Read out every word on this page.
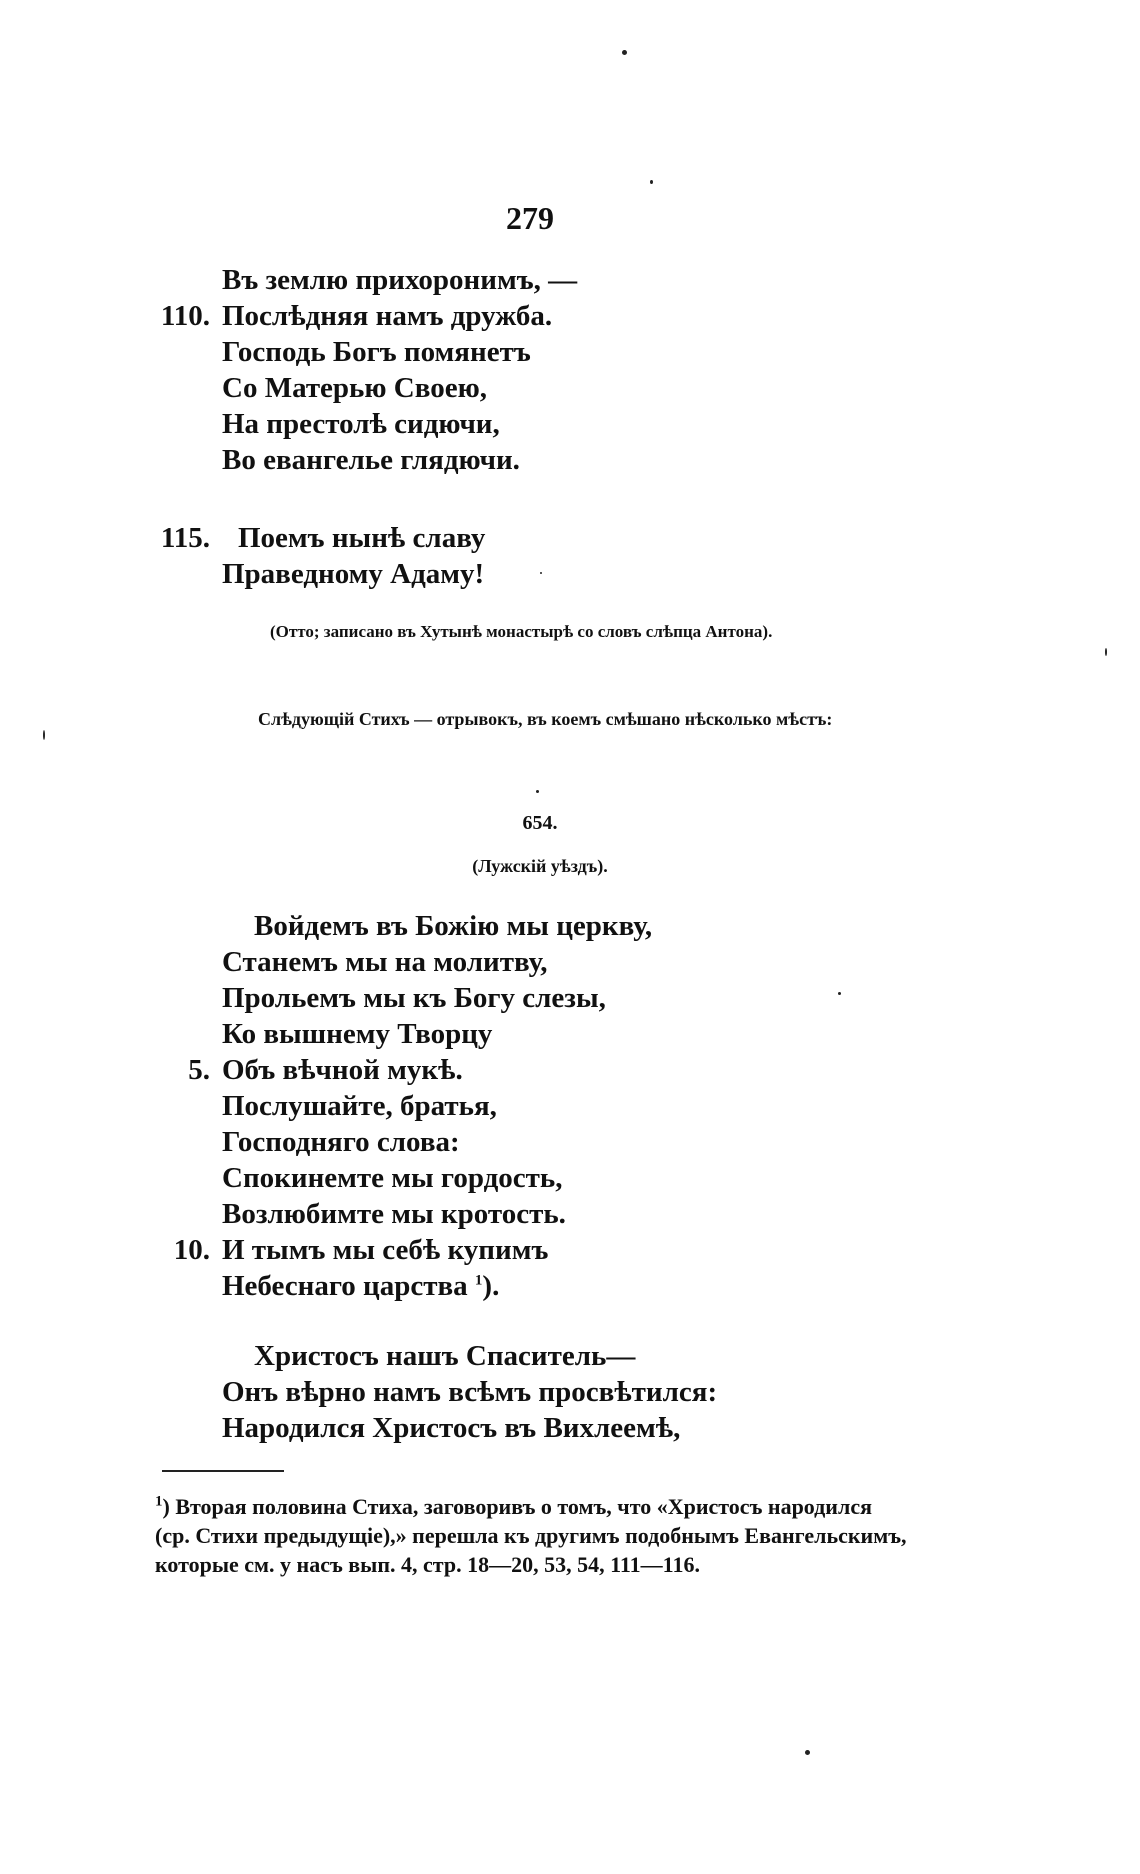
279
Въ землю прихоронимъ, —
110. Послѣдняя намъ дружба.
Господь Богъ помянетъ
Со Матерью Своею,
На престолѣ сидючи,
Во евангелье глядючи.
115. Поемъ нынѣ славу
Праведному Адаму!
(Отто; записано въ Хутынѣ монастырѣ со словъ слѣпца Антона).
Слѣдующій Стихъ — отрывокъ, въ коемъ смѣшано нѣсколько мѣстъ:
654.
(Лужскій уѣздъ).
Войдемъ въ Божію мы церкву,
Станемъ мы на молитву,
Прольемъ мы къ Богу слезы,
Ко вышнему Творцу
5. Объ вѣчной мукѣ.
Послушайте, братья,
Господняго слова:
Спокинемте мы гордость,
Возлюбимте мы кротость.
10. И тымъ мы себѣ купимъ
Небеснаго царства $^1$).
Христосъ нашъ Спаситель—
Онъ вѣрно намъ всѣмъ просвѣтился:
Народился Христосъ въ Вихлеемѣ,
$^1$) Вторая половина Стиха, заговоривъ о томъ, что «Христосъ народился
(ср. Стихи предыдущіе),» перешла къ другимъ подобнымъ Евангельскимъ,
которые см. у насъ вып. 4, стр. 18—20, 53, 54, 111—116.
